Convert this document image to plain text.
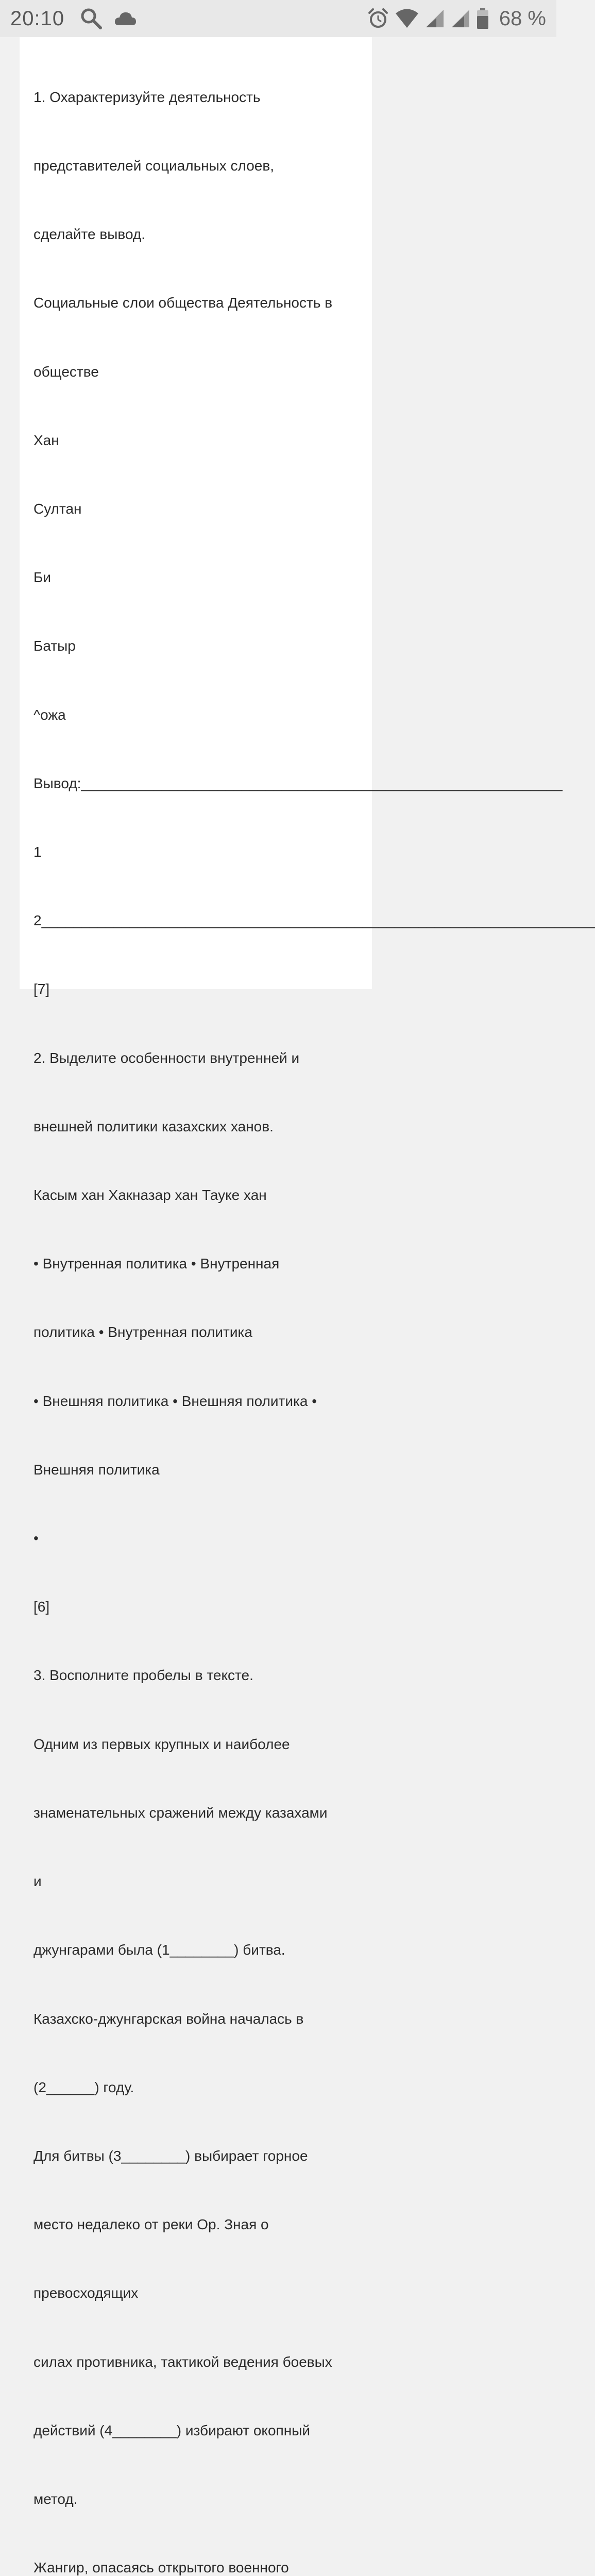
20:10	68 %

1. Охарактеризуйте деятельность

представителей социальных слоев,

сделайте вывод.

Социальные слои общества Деятельность в

обществе

Хан

Султан

Би

Батыр

^ожа

Вывод:____________________________________________________________

1

2_____________________________________________________________________

[7]

2. Выделите особенности внутренней и

внешней политики казахских ханов.

Касым хан Хакназар хан Тауке хан

• Внутренная политика • Внутренная

политика • Внутренная политика

• Внешняя политика • Внешняя политика •

Внешняя политика

•

[6]

3. Восполните пробелы в тексте.

Одним из первых крупных и наиболее

знаменательных сражений между казахами

и

джунгарами была (1________) битва.

Казахско-джунгарская война началась в

(2______) году.

Для битвы (3________) выбирает горное

место недалеко от реки Ор. Зная о

превосходящих

силах противника, тактикой ведения боевых

действий (4________) избирают окопный

метод.

Жангир, опасаясь открытого военного
